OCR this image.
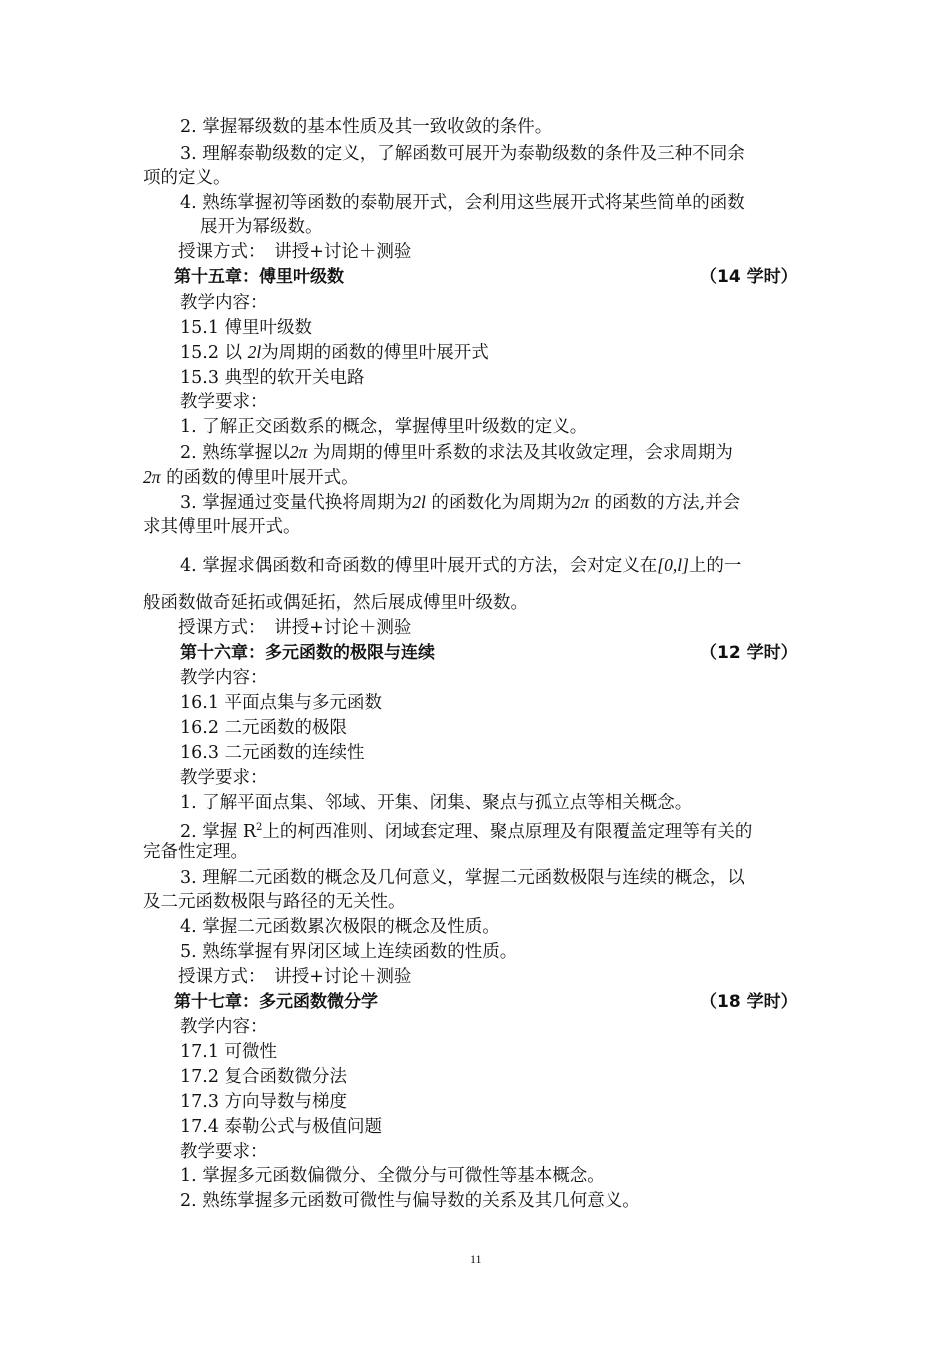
2. 掌握幂级数的基本性质及其一致收敛的条件。
3. 理解泰勒级数的定义，了解函数可展开为泰勒级数的条件及三种不同余
项的定义。
4. 熟练掌握初等函数的泰勒展开式，会利用这些展开式将某些简单的函数
展开为幂级数。
授课方式：　讲授+讨论＋测验
第十五章：傅里叶级数	（14 学时）
教学内容：
15.1 傅里叶级数
15.2 以 2l为周期的函数的傅里叶展开式
15.3 典型的软开关电路
教学要求：
1. 了解正交函数系的概念，掌握傅里叶级数的定义。
2. 熟练掌握以2π 为周期的傅里叶系数的求法及其收敛定理，会求周期为
2π 的函数的傅里叶展开式。
3. 掌握通过变量代换将周期为2l 的函数化为周期为2π 的函数的方法,并会
求其傅里叶展开式。
4. 掌握求偶函数和奇函数的傅里叶展开式的方法，会对定义在[0,l]上的一
般函数做奇延拓或偶延拓，然后展成傅里叶级数。
授课方式：　讲授+讨论＋测验
第十六章：多元函数的极限与连续	（12 学时）
教学内容：
16.1 平面点集与多元函数
16.2 二元函数的极限
16.3 二元函数的连续性
教学要求：
1. 了解平面点集、邻域、开集、闭集、聚点与孤立点等相关概念。
2. 掌握 $R^2$上的柯西准则、闭域套定理、聚点原理及有限覆盖定理等有关的
完备性定理。
3. 理解二元函数的概念及几何意义，掌握二元函数极限与连续的概念，以
及二元函数极限与路径的无关性。
4. 掌握二元函数累次极限的概念及性质。
5. 熟练掌握有界闭区域上连续函数的性质。
授课方式：　讲授+讨论＋测验
第十七章：多元函数微分学	（18 学时）
教学内容：
17.1 可微性
17.2 复合函数微分法
17.3 方向导数与梯度
17.4 泰勒公式与极值问题
教学要求：
1. 掌握多元函数偏微分、全微分与可微性等基本概念。
2. 熟练掌握多元函数可微性与偏导数的关系及其几何意义。
11
